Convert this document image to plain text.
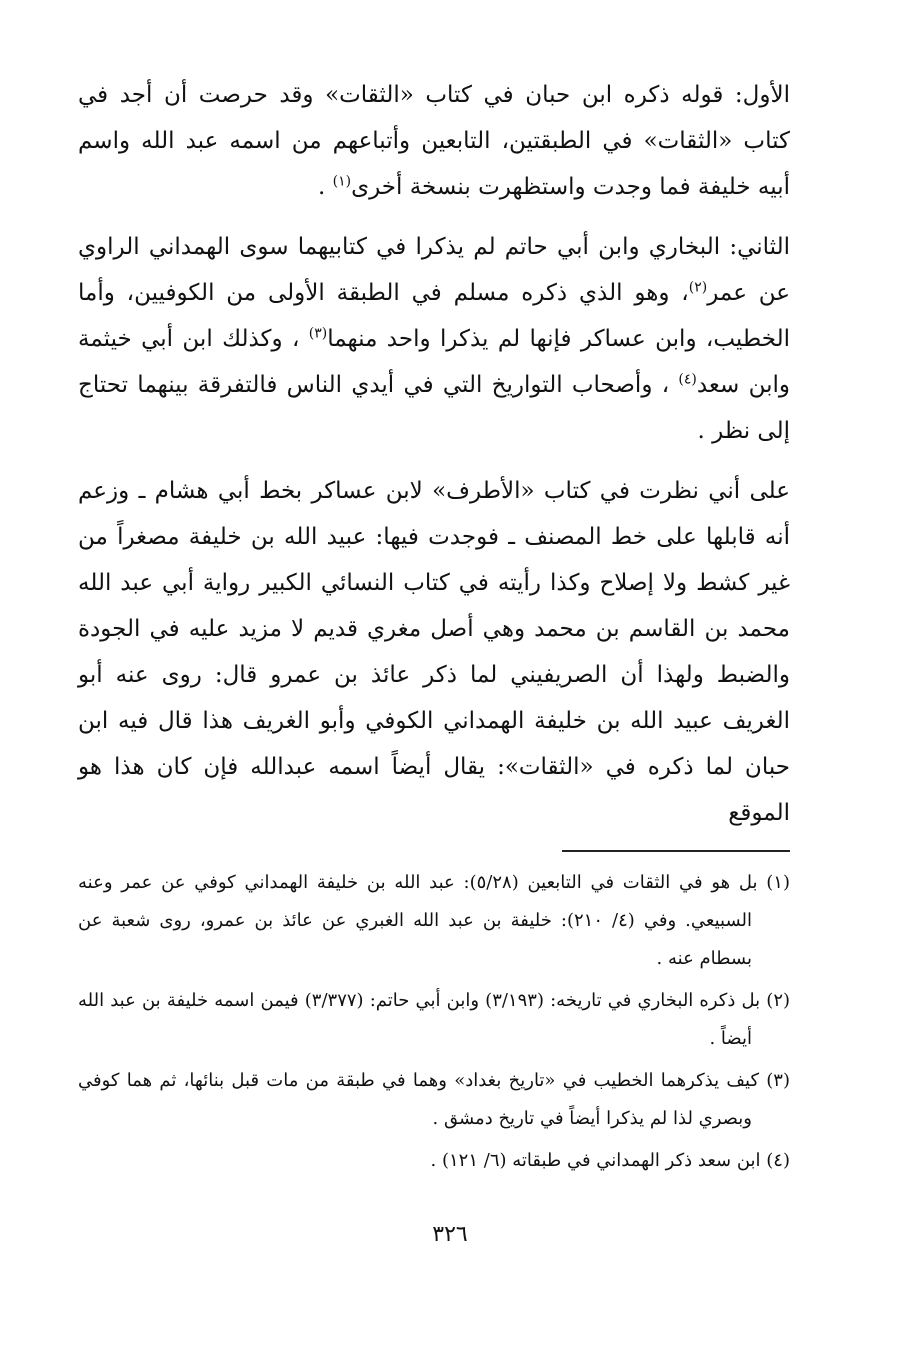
الأول: قوله ذكره ابن حبان في كتاب «الثقات» وقد حرصت أن أجد في كتاب «الثقات» في الطبقتين، التابعين وأتباعهم من اسمه عبد الله واسم أبيه خليفة فما وجدت واستظهرت بنسخة أخرى$^{(١)}$ .

الثاني: البخاري وابن أبي حاتم لم يذكرا في كتابيهما سوى الهمداني الراوي عن عمر$^{(٢)}$، وهو الذي ذكره مسلم في الطبقة الأولى من الكوفيين، وأما الخطيب، وابن عساكر فإنها لم يذكرا واحد منهما$^{(٣)}$ ، وكذلك ابن أبي خيثمة وابن سعد$^{(٤)}$ ، وأصحاب التواريخ التي في أيدي الناس فالتفرقة بينهما تحتاج إلى نظر .

على أني نظرت في كتاب «الأطرف» لابن عساكر بخط أبي هشام ـ وزعم أنه قابلها على خط المصنف ـ فوجدت فيها: عبيد الله بن خليفة مصغراً من غير كشط ولا إصلاح وكذا رأيته في كتاب النسائي الكبير رواية أبي عبد الله محمد بن القاسم بن محمد وهي أصل مغري قديم لا مزيد عليه في الجودة والضبط ولهذا أن الصريفيني لما ذكر عائذ بن عمرو قال: روى عنه أبو الغريف عبيد الله بن خليفة الهمداني الكوفي وأبو الغريف هذا قال فيه ابن حبان لما ذكره في «الثقات»: يقال أيضاً اسمه عبدالله فإن كان هذا هو الموقع

(١) بل هو في الثقات في التابعين (٥/٢٨): عبد الله بن خليفة الهمداني كوفي عن عمر وعنه السبيعي. وفي (٤/ ٢١٠): خليفة بن عبد الله الغبري عن عائذ بن عمرو، روى شعبة عن بسطام عنه .

(٢) بل ذكره البخاري في تاريخه: (٣/١٩٣) وابن أبي حاتم: (٣/٣٧٧) فيمن اسمه خليفة بن عبد الله أيضاً .

(٣) كيف يذكرهما الخطيب في «تاريخ بغداد» وهما في طبقة من مات قبل بنائها، ثم هما كوفي وبصري لذا لم يذكرا أيضاً في تاريخ دمشق .

(٤) ابن سعد ذكر الهمداني في طبقاته (٦/ ١٢١) .

٣٢٦
